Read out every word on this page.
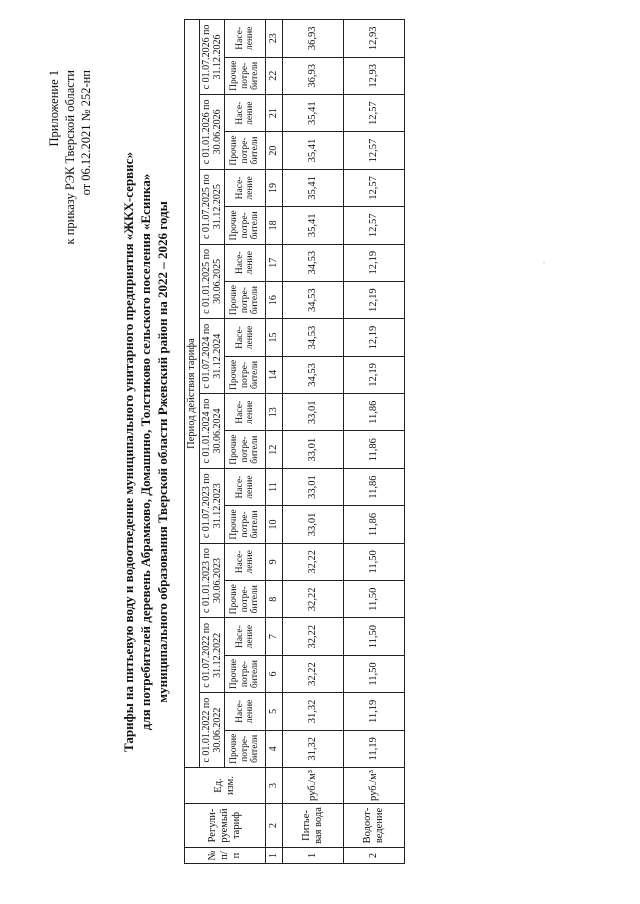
Приложение 1 к приказу РЭК Тверской области от 06.12.2021 № 252-нп
Тарифы на питьевую воду и водоотведение муниципального унитарного предприятия «ЖКХ-сервис» для потребителей деревень Абрамково, Домашино, Толстиково сельского поселения «Есинка» муниципального образования Тверской области Ржевский район на 2022 – 2026 годы
№ п/п	Регули-руемый тариф	Ед. изм.	Период действия тарифа																			
			с 01.01.2022 по 30.06.2022		с 01.07.2022 по 31.12.2022		с 01.01.2023 по 30.06.2023		с 01.07.2023 по 31.12.2023		с 01.01.2024 по 30.06.2024		с 01.07.2024 по 31.12.2024		с 01.01.2025 по 30.06.2025		с 01.07.2025 по 31.12.2025		с 01.01.2026 по 30.06.2026		с 01.07.2026 по 31.12.2026	
			Прочие потре-бители	Насе-ление	Прочие потре-бители	Насе-ление	Прочие потре-бители	Насе-ление	Прочие потре-бители	Насе-ление	Прочие потре-бители	Насе-ление	Прочие потре-бители	Насе-ление	Прочие потре-бители	Насе-ление	Прочие потре-бители	Насе-ление	Прочие потре-бители	Насе-ление	Прочие потре-бители	Насе-ление
1	2	3	4	5	6	7	8	9	10	11	12	13	14	15	16	17	18	19	20	21	22	23
1	Питье-вая вода	руб./м³	31,32	31,32	32,22	32,22	32,22	32,22	33,01	33,01	33,01	33,01	34,53	34,53	34,53	34,53	35,41	35,41	35,41	35,41	36,93	36,93
2	Водоот-ведение	руб./м³	11,19	11,19	11,50	11,50	11,50	11,50	11,86	11,86	11,86	11,86	12,19	12,19	12,19	12,19	12,57	12,57	12,57	12,57	12,93	12,93
·
